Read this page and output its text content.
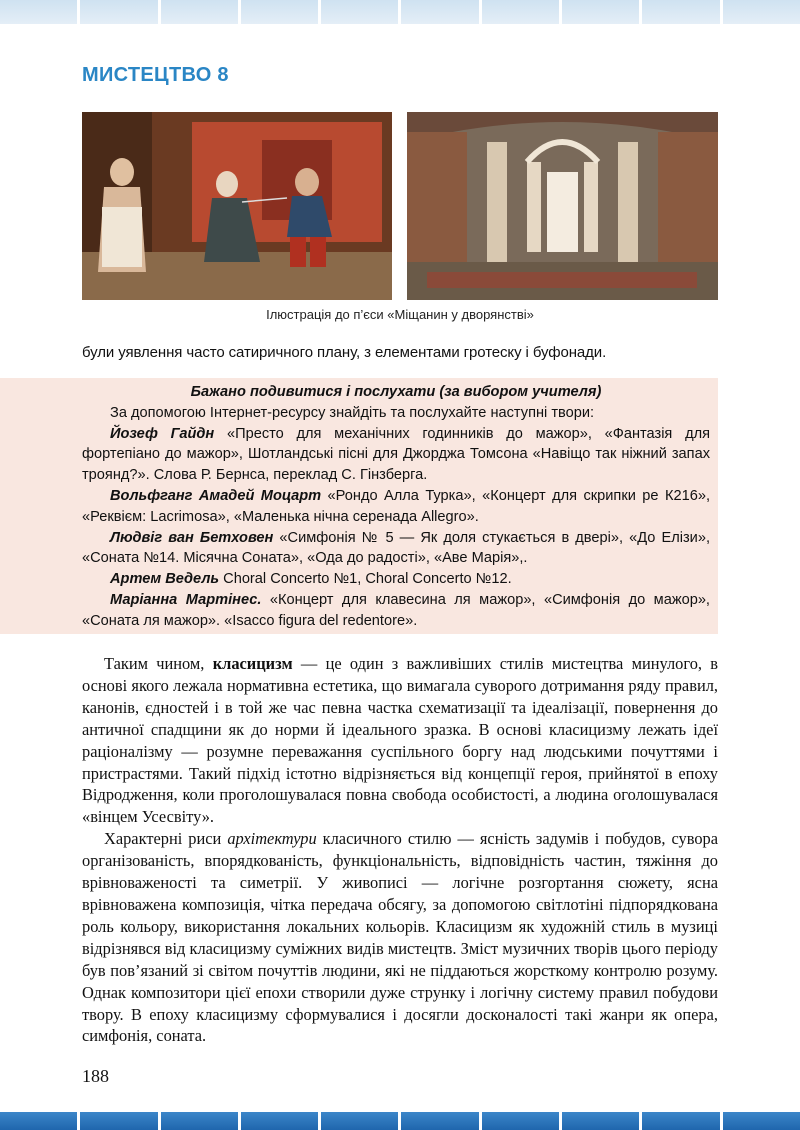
МИСТЕЦТВО 8
Ілюстрація до п’єси «Міщанин у дворянстві»
були уявлення часто сатиричного плану, з елементами гротеску і буфонади.
Бажано подивитися і послухати (за вибором учителя)

За допомогою Інтернет-ресурсу знайдіть та послухайте наступні твори:

Йозеф Гайдн «Престо для механічних годинників до мажор», «Фантазія для фортепіано до мажор», Шотландські пісні для Джорджа Томсона «Навіщо так ніжний запах троянд?». Слова Р. Бернса, переклад С. Гінзберга.

Вольфганг Амадей Моцарт «Рондо Алла Турка», «Концерт для скрипки ре К216», «Реквієм: Lacrimosa», «Маленька нічна серенада Allegro».

Людвіг ван Бетховен «Симфонія № 5 — Як доля стукається в двері», «До Елізи», «Соната №14. Місячна Соната», «Ода до радості», «Аве Марія»,.

Артем Ведель Choral Concerto №1, Choral Concerto №12.

Маріанна Мартінес. «Концерт для клавесина ля мажор», «Симфонія до мажор», «Соната ля мажор». «Isacco figura del redentore».

Таким чином, класицизм — це один з важливіших стилів мистецтва минулого, в основі якого лежала нормативна естетика, що вимагала суворого дотримання ряду правил, канонів, єдностей і в той же час певна частка схематизації та ідеалізації, повернення до античної спадщини як до норми й ідеального зразка. В основі класицизму лежать ідеї раціоналізму — розумне переважання суспільного боргу над людськими почуттями і пристрастями. Такий підхід істотно відрізняється від концепції героя, прийнятої в епоху Відродження, коли проголошувалася повна свобода особистості, а людина оголошувалася «вінцем Усесвіту».

Характерні риси архітектури класичного стилю — ясність задумів і побудов, сувора організованість, впорядкованість, функціональність, відповідність частин, тяжіння до врівноваженості та симетрії. У живописі — логічне розгортання сюжету, ясна врівноважена композиція, чітка передача обсягу, за допомогою світлотіні підпорядкована роль кольору, використання локальних кольорів. Класицизм як художній стиль в музиці відрізнявся від класицизму суміжних видів мистецтв. Зміст музичних творів цього періоду був пов’язаний зі світом почуттів людини, які не піддаються жорсткому контролю розуму. Однак композитори цієї епохи створили дуже струнку і логічну систему правил побудови твору. В епоху класицизму сформувалися і досягли досконалості такі жанри як опера, симфонія, соната.

188
